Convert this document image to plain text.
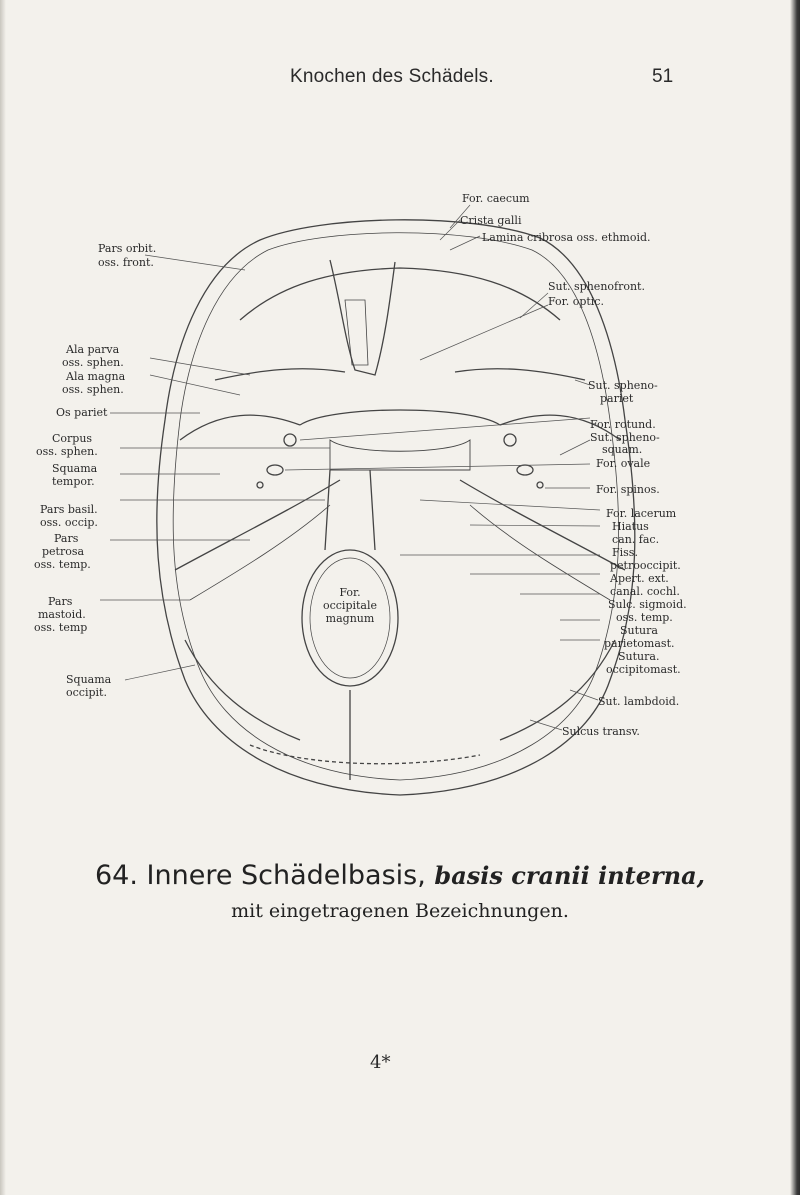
Knochen des Schädels.	51
For. caecum
Crista galli
Lamina cribrosa oss. ethmoid.
Pars orbit.
oss. front.
Sut. sphenofront.
For. optic.
Ala parva
oss. sphen.
Ala magna
oss. sphen.	Sut. spheno-
pariet
Os pariet
For. rotund.
Corpus
oss. sphen.
Sut. spheno-
squam.
Squama
tempor.
For. ovale
Pars basil.
oss. occip.
For. spinos.
For. lacerum
Hiatus
can. fac.
Pars
petrosa
oss. temp.
Fiss.
petrooccipit.
Apert. ext.
canal. cochl.
Pars
mastoid.
oss. temp
Sulc. sigmoid.
oss. temp.
Sutura
parietomast.
Sutura.
occipitomast.
For.
occipitale
magnum
Squama
occipit.
Sut. lambdoid.
Sulcus transv.
64. Innere Schädelbasis, basis cranii interna,
mit eingetragenen Bezeichnungen.
4*
